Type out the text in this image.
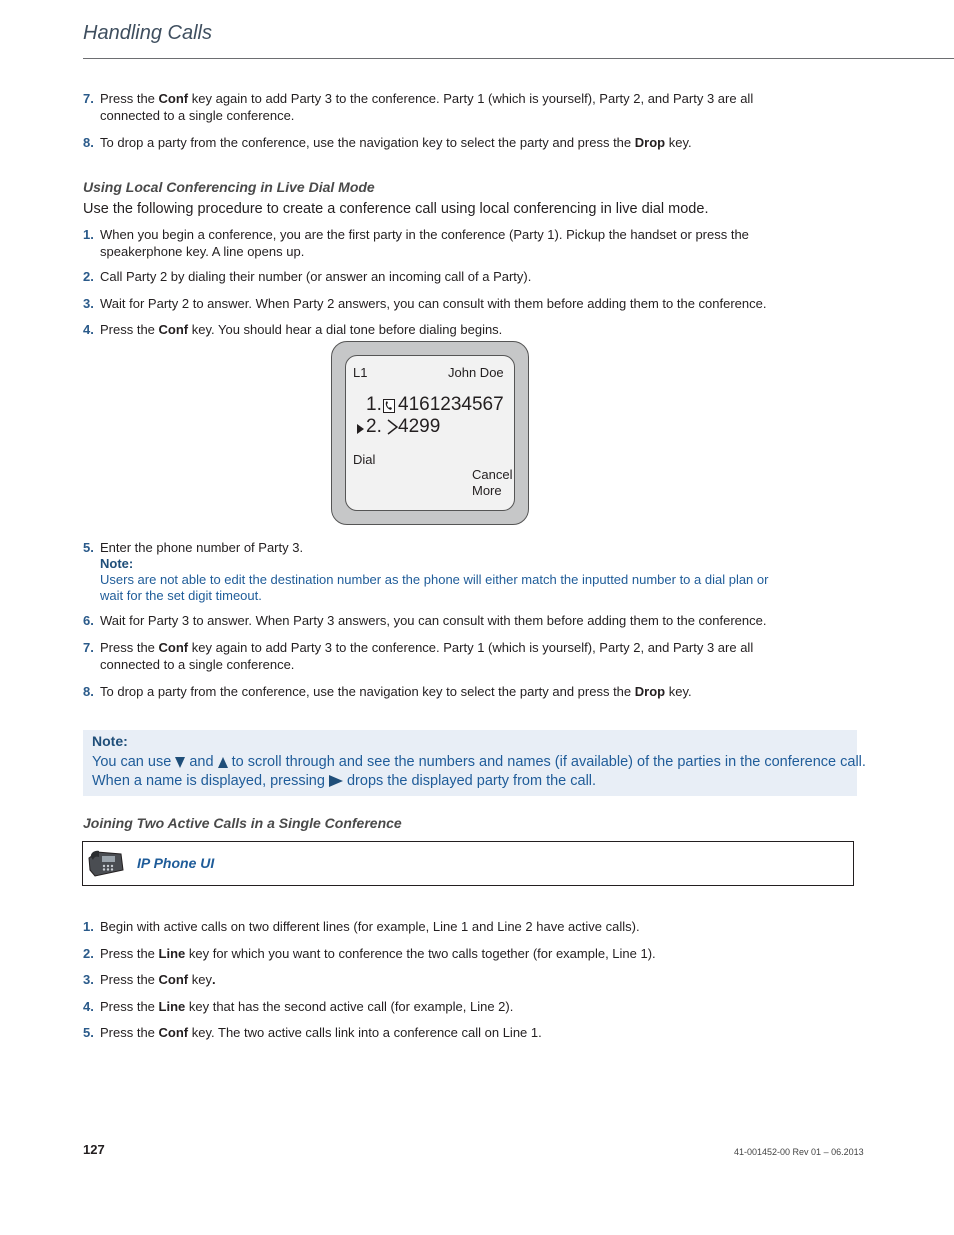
Handling Calls
7. Press the Conf key again to add Party 3 to the conference. Party 1 (which is yourself), Party 2, and Party 3 are all connected to a single conference.
8. To drop a party from the conference, use the navigation key to select the party and press the Drop key.
Using Local Conferencing in Live Dial Mode
Use the following procedure to create a conference call using local conferencing in live dial mode.
1. When you begin a conference, you are the first party in the conference (Party 1). Pickup the handset or press the speakerphone key. A line opens up.
2. Call Party 2 by dialing their number (or answer an incoming call of a Party).
3. Wait for Party 2 to answer. When Party 2 answers, you can consult with them before adding them to the conference.
4. Press the Conf key. You should hear a dial tone before dialing begins.
L1	John Doe
1. 4161234567
2. 4299
Dial
Cancel
More
5. Enter the phone number of Party 3.
Note:
Users are not able to edit the destination number as the phone will either match the inputted number to a dial plan or wait for the set digit timeout.
6. Wait for Party 3 to answer. When Party 3 answers, you can consult with them before adding them to the conference.
7. Press the Conf key again to add Party 3 to the conference. Party 1 (which is yourself), Party 2, and Party 3 are all connected to a single conference.
8. To drop a party from the conference, use the navigation key to select the party and press the Drop key.
Note:
You can use  and  to scroll through and see the numbers and names (if available) of the parties in the conference call.
When a name is displayed, pressing  drops the displayed party from the call.
Joining Two Active Calls in a Single Conference
IP Phone UI
1. Begin with active calls on two different lines (for example, Line 1 and Line 2 have active calls).
2. Press the Line key for which you want to conference the two calls together (for example, Line 1).
3. Press the Conf key.
4. Press the Line key that has the second active call (for example, Line 2).
5. Press the Conf key. The two active calls link into a conference call on Line 1.
127	41-001452-00 Rev 01 – 06.2013
